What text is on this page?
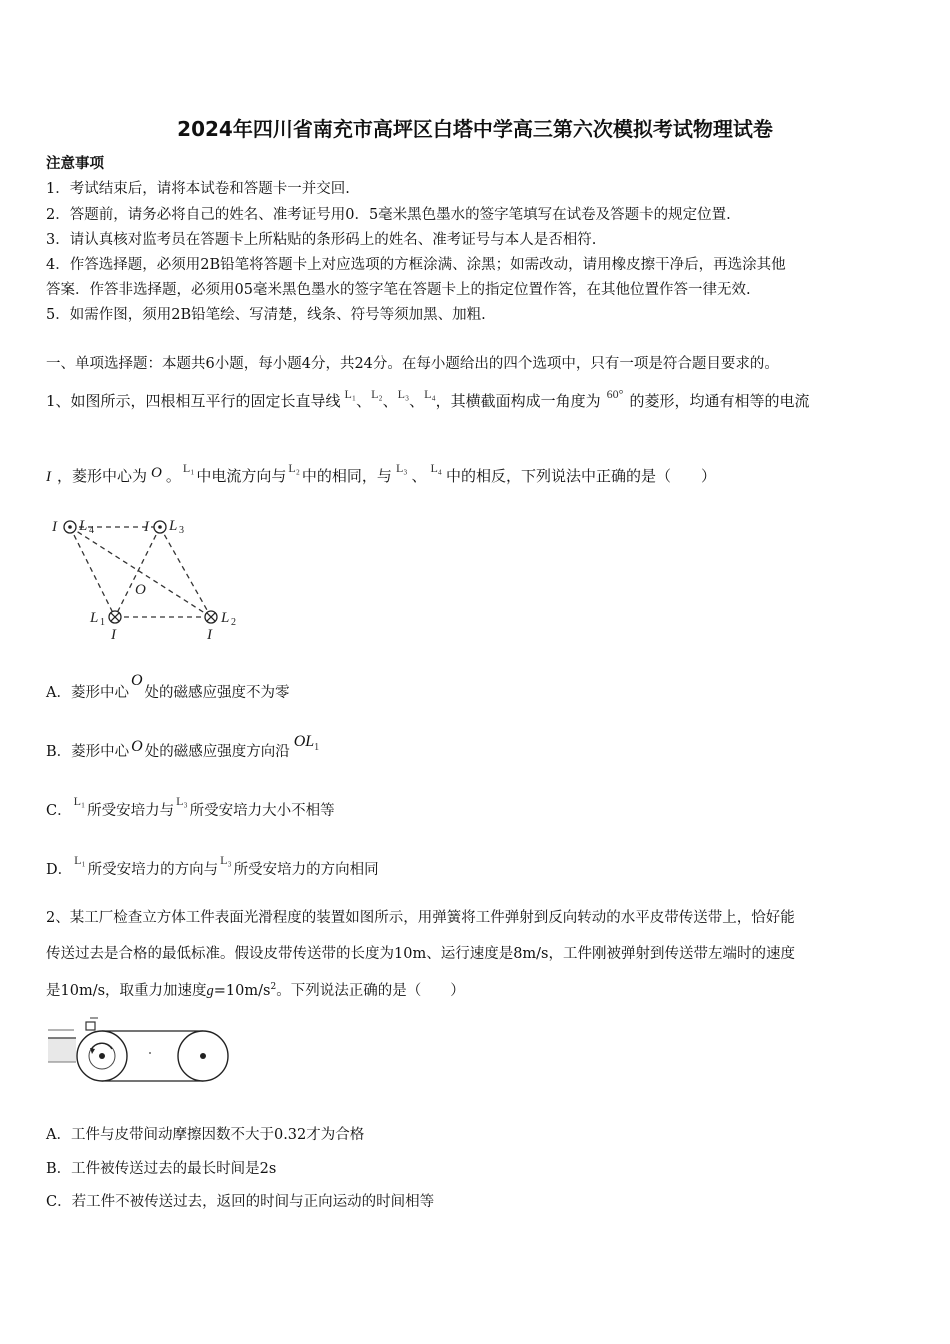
2024年四川省南充市高坪区白塔中学高三第六次模拟考试物理试卷
注意事项
1．考试结束后，请将本试卷和答题卡一并交回.
2．答题前，请务必将自己的姓名、准考证号用0．5毫米黑色墨水的签字笔填写在试卷及答题卡的规定位置.
3．请认真核对监考员在答题卡上所粘贴的条形码上的姓名、准考证号与本人是否相符.
4．作答选择题，必须用2B铅笔将答题卡上对应选项的方框涂满、涂黑；如需改动，请用橡皮擦干净后，再选涂其他
答案．作答非选择题，必须用05毫米黑色墨水的签字笔在答题卡上的指定位置作答，在其他位置作答一律无效.
5．如需作图，须用2B铅笔绘、写清楚，线条、符号等须加黑、加粗.
一、单项选择题：本题共6小题，每小题4分，共24分。在每小题给出的四个选项中，只有一项是符合题目要求的。
1、如图所示，四根相互平行的固定长直导线 $^{L_1}$、$^{L_2}$、$^{L_3}$、$^{L_4}$，其横截面构成一角度为 $^{60^\circ}$ 的菱形，均通有相等的电流
I ，菱形中心为 O 。 $^{L_1}$ 中电流方向与 $^{L_2}$ 中的相同，与 $^{L_3}$ 、 $^{L_4}$ 中的相反，下列说法中正确的是（　　）
I L 4	I L 3
O
L 1
I
L 2
I
A．菱形中心O处的磁感应强度不为零
B．菱形中心 O 处的磁感应强度方向沿$OL^1$
C．$^{L_1}$所受安培力与$^{L_3}$所受安培力大小不相等
D．$^{L_1}$所受安培力的方向与$^{L_3}$所受安培力的方向相同
2、某工厂检查立方体工件表面光滑程度的装置如图所示，用弹簧将工件弹射到反向转动的水平皮带传送带上，恰好能
传送过去是合格的最低标准。假设皮带传送带的长度为10m、运行速度是8m/s，工件刚被弹射到传送带左端时的速度
是10m/s，取重力加速度$g=10m/s^2$。下列说法正确的是（　　）
A．工件与皮带间动摩擦因数不大于0.32才为合格
B．工件被传送过去的最长时间是2s
C．若工件不被传送过去，返回的时间与正向运动的时间相等
